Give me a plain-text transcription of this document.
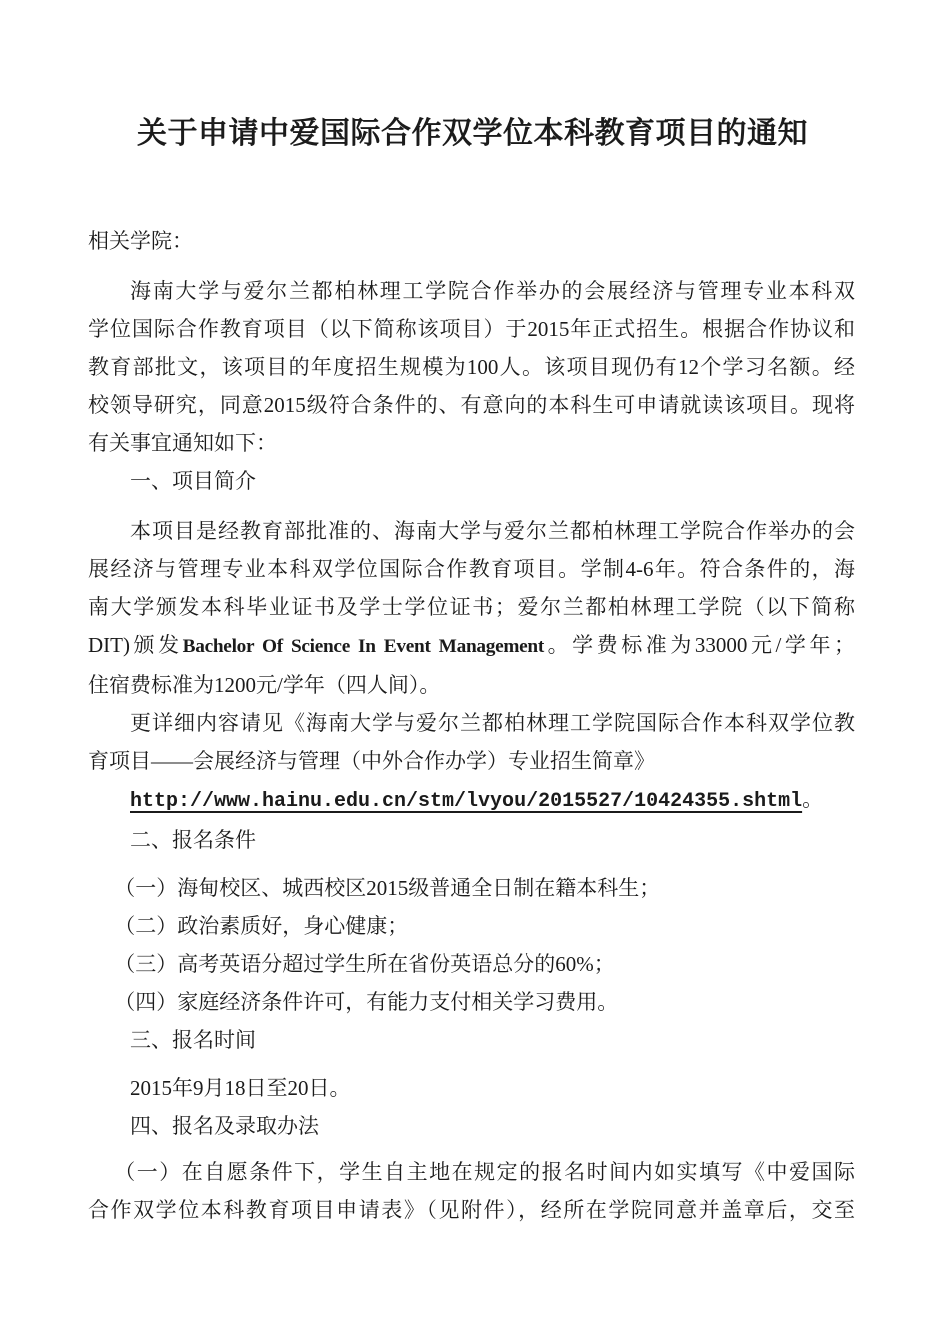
关于申请中爱国际合作双学位本科教育项目的通知
相关学院：
海南大学与爱尔兰都柏林理工学院合作举办的会展经济与管理专业本科双
学位国际合作教育项目（以下简称该项目）于2015年正式招生。根据合作协议和
教育部批文，该项目的年度招生规模为100人。该项目现仍有12个学习名额。经
校领导研究，同意2015级符合条件的、有意向的本科生可申请就读该项目。现将
有关事宜通知如下：
一、项目简介
本项目是经教育部批准的、海南大学与爱尔兰都柏林理工学院合作举办的会
展经济与管理专业本科双学位国际合作教育项目。学制4-6年。符合条件的，海
南大学颁发本科毕业证书及学士学位证书；爱尔兰都柏林理工学院（以下简称
DIT)颁发Bachelor Of Science In Event Management。学费标准为33000元/学年；
住宿费标准为1200元/学年（四人间）。
更详细内容请见《海南大学与爱尔兰都柏林理工学院国际合作本科双学位教
育项目——会展经济与管理（中外合作办学）专业招生简章》
http://www.hainu.edu.cn/stm/lvyou/2015527/10424355.shtml。
二、报名条件
（一）海甸校区、城西校区2015级普通全日制在籍本科生；
（二）政治素质好，身心健康；
（三）高考英语分超过学生所在省份英语总分的60%；
（四）家庭经济条件许可，有能力支付相关学习费用。
三、报名时间
2015年9月18日至20日。
四、报名及录取办法
（一）在自愿条件下，学生自主地在规定的报名时间内如实填写《中爱国际
合作双学位本科教育项目申请表》（见附件），经所在学院同意并盖章后，交至
